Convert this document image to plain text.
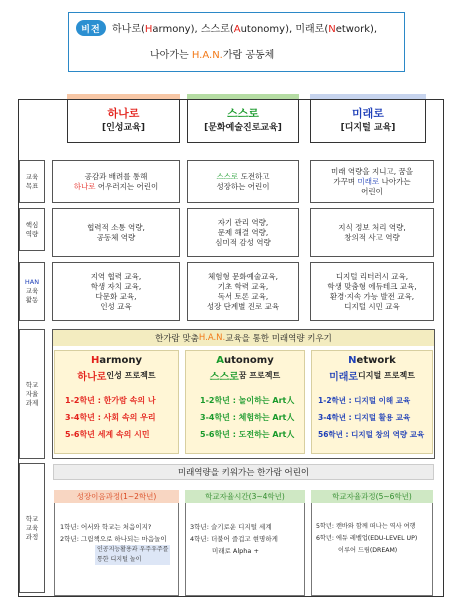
비전	하나로(Harmony), 스스로(Autonomy), 미래로(Network),
나아가는 H.A.N.가람 공동체
하나로
[인성교육]
스스로
[문화예술진로교육]
미래로
[디지털 교육]
교육
목표
공감과 배려를 통해
하나로 어우러지는 어린이
스스로 도전하고
성장하는 어린이
미래 역량을 지니고, 꿈을
가꾸며 미래로 나아가는
어린이
핵심
역량
협력적 소통 역량,
공동체 역량
자기 관리 역량,
문제 해결 역량,
심미적 감성 역량
지식 정보 처리 역량,
창의적 사고 역량
HAN
교육
활동
지역 협력 교육,
학생 자치 교육,
다문화 교육,
인성 교육
체험형 문화예술교육,
기초 학력 교육,
독서 토론 교육,
성장 단계별 진로 교육
디지털 리터러시 교육,
학생 맞춤형 에듀테크 교육,
환경·지속 가능 발전 교육,
디지털 시민 교육
학교
자율
과제
한가람 맞춤 H.A.N. 교육을 통한 미래역량 키우기
H armony
하나로 인성 프로젝트
1-2학년 : 한가람 속의 나
3-4학년 : 사회 속의 우리
5-6학년 세계 속의 시민
A utonomy
스스로 꿈 프로젝트
1-2학년 : 놀이하는 Art人
3-4학년 : 체험하는 Art人
5-6학년 : 도전하는 Art人
N etwork
미래로 디지털 프로젝트
1-2학년 : 디지털 이해 교육
3-4학년 : 디지털 활용 교육
56학년 : 디지털 창의 역량 교육
학교
교육
과정
미래역량을 키워가는 한가람 어린이
1학년: 어서와 학교는 처음이지?
2학년: 그림책으로 하나되는 마음놀이
인공지능활용과 우주우주를
통한 디지털 놀이
성장이음과정(1~2학년)
3학년: 슬기로운 디지털 세계
4학년: 더불어 즐겁고 현명하게
미래로 Alpha +
학교자율시간(3~4학년)
5학년: 캔바와 함께 떠나는 역사 여행
6학년: 에듀 레벨업(EDU-LEVEL UP)
이루어 드림(DREAM)
학교자율과정(5~6학년)
